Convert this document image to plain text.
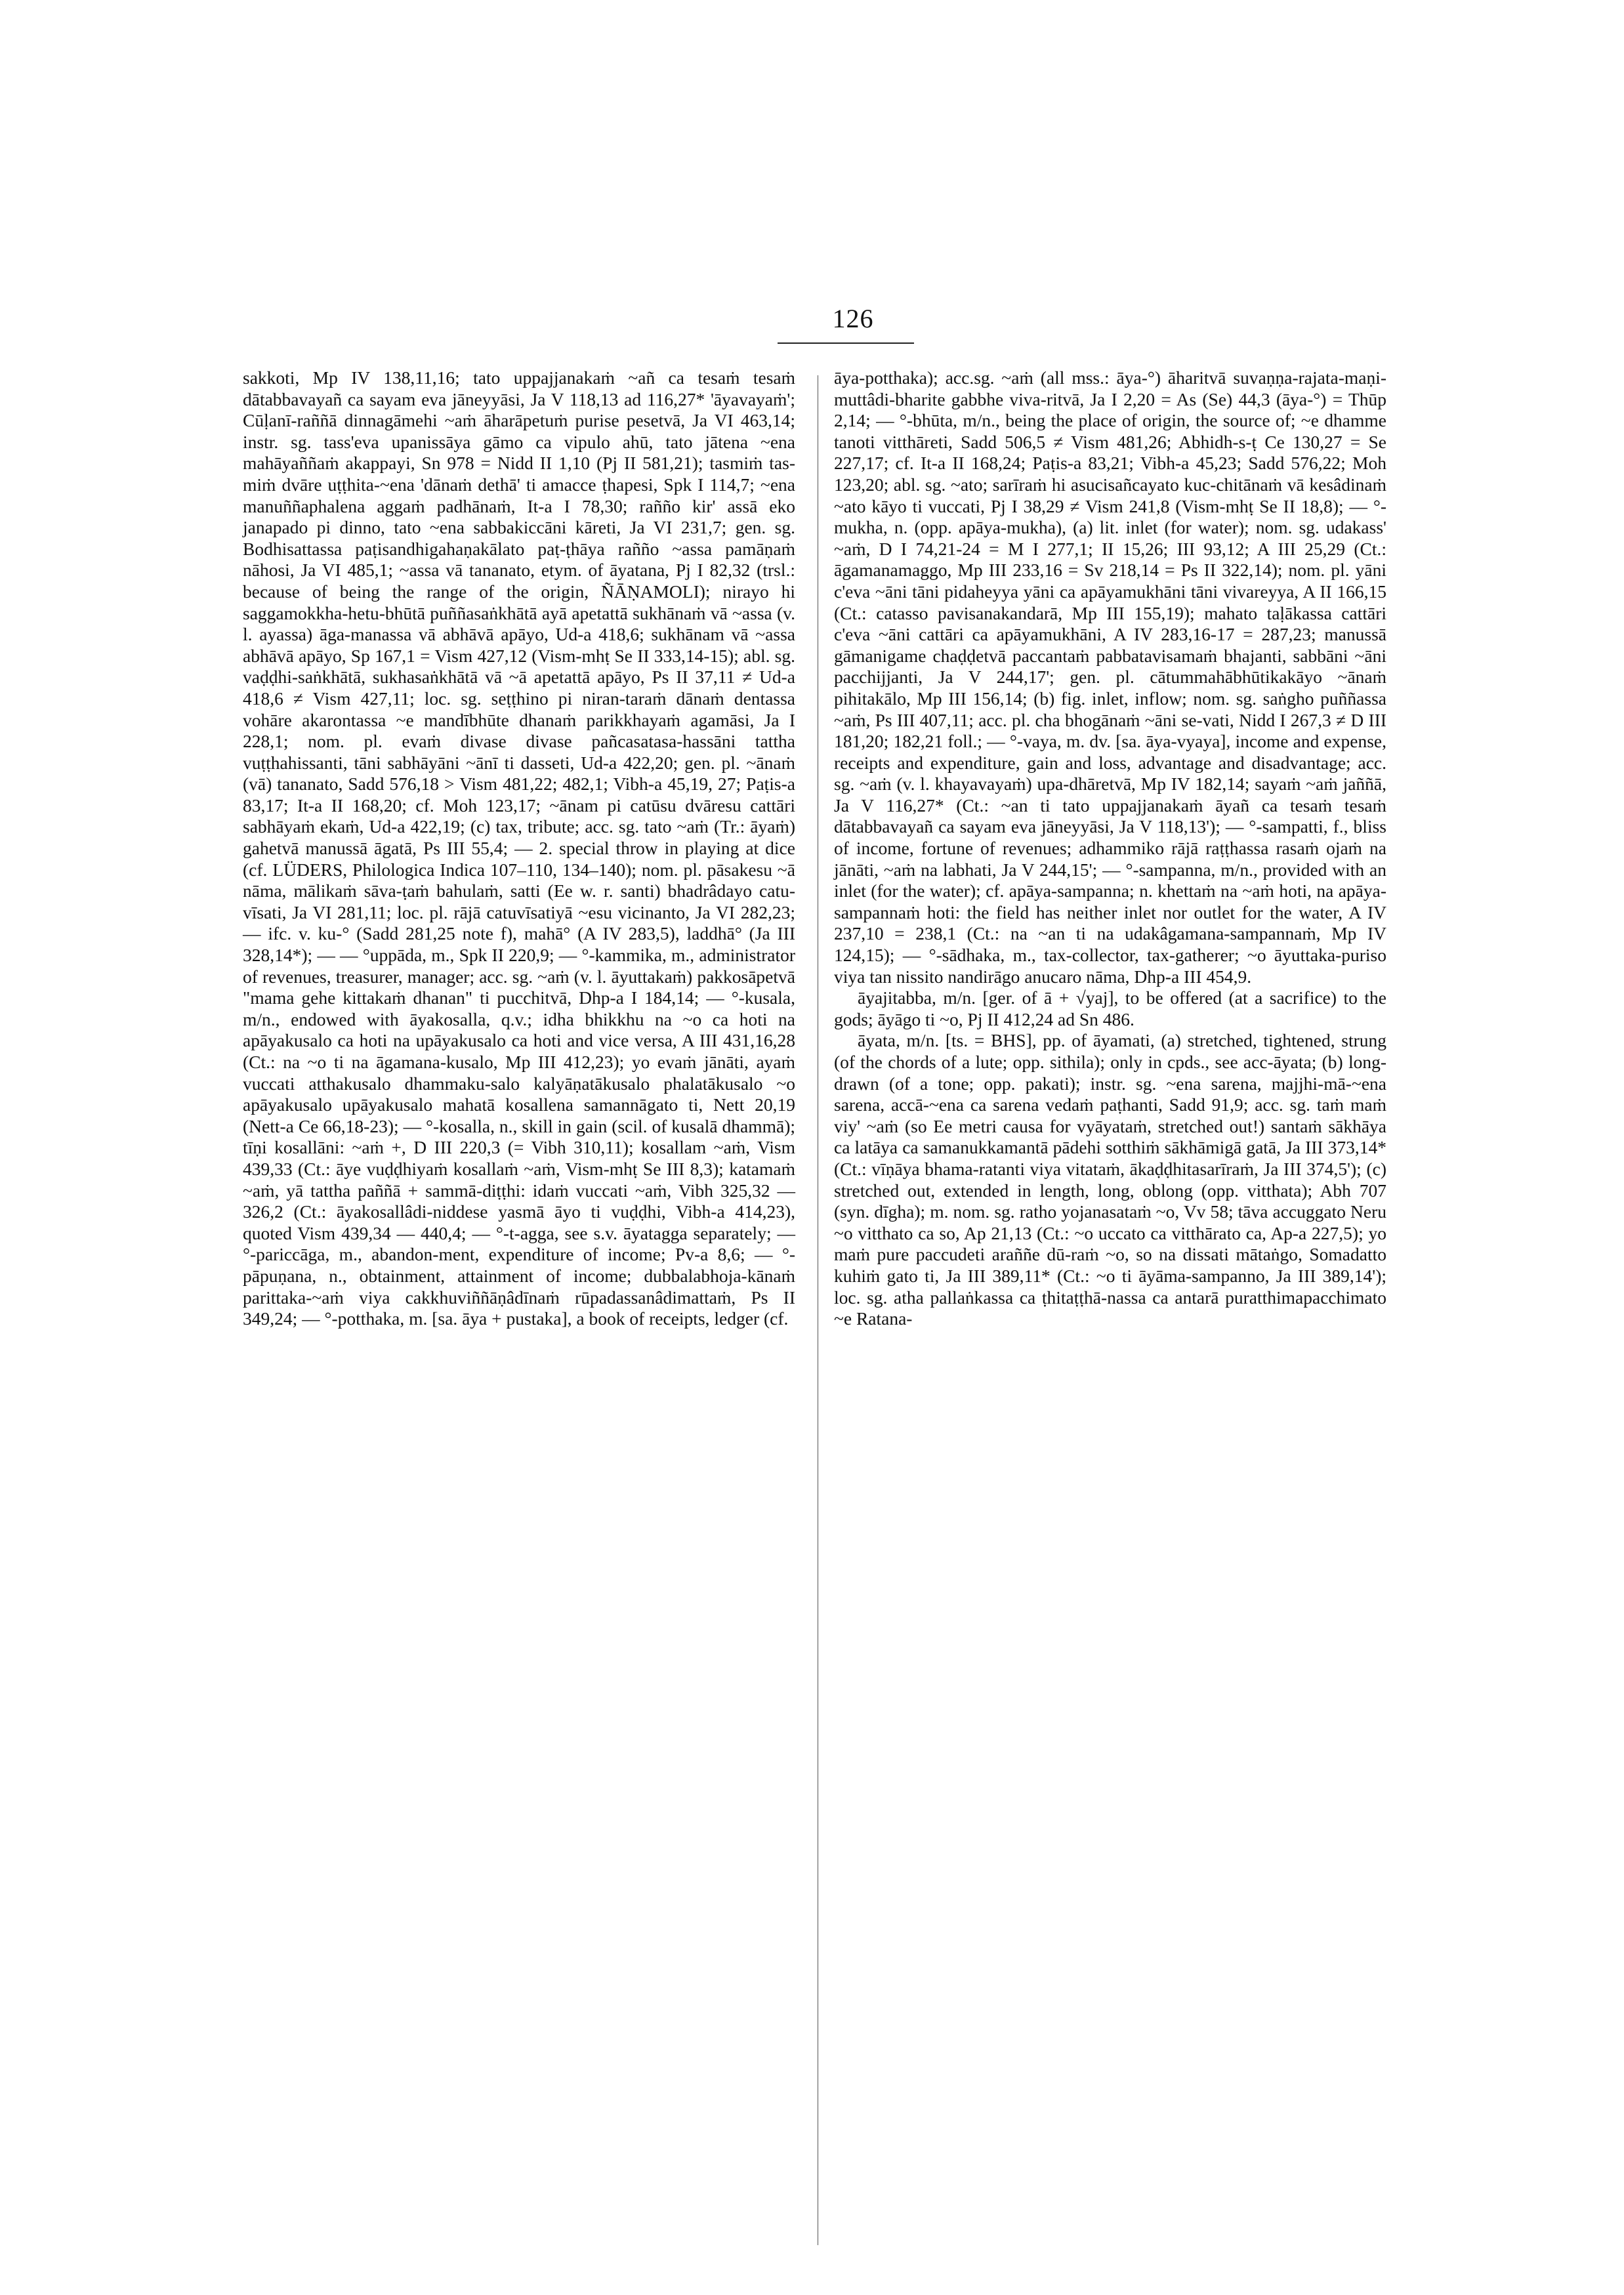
126

sakkoti, Mp IV 138,11,16; tato uppajjanakaṁ ~añ ca tesaṁ tesaṁ dātabbavayañ ca sayam eva jāneyyāsi, Ja V 118,13 ad 116,27* 'āyavayaṁ'; Cūḷanī-raññā dinnagāmehi ~aṁ āharāpetuṁ purise pesetvā, Ja VI 463,14; instr. sg. tass'eva upanissāya gāmo ca vipulo ahū, tato jātena ~ena mahāyaññaṁ akappayi, Sn 978 = Nidd II 1,10 (Pj II 581,21); tasmiṁ tas-miṁ dvāre uṭṭhita-~ena 'dānaṁ dethā' ti amacce ṭhapesi, Spk I 114,7; ~ena manuññaphalena aggaṁ padhānaṁ, It-a I 78,30; rañño kir' assā eko janapado pi dinno, tato ~ena sabbakiccāni kāreti, Ja VI 231,7; gen. sg. Bodhisattassa paṭisandhigahaṇakālato paṭ-ṭhāya rañño ~assa pamāṇaṁ nāhosi, Ja VI 485,1; ~assa vā tananato, etym. of āyatana, Pj I 82,32 (trsl.: because of being the range of the origin, ÑĀṆAMOLI); nirayo hi saggamokkha-hetu-bhūtā puññasaṅkhātā ayā apetattā sukhānaṁ vā ~assa (v. l. ayassa) āga-manassa vā abhāvā apāyo, Ud-a 418,6; sukhānam vā ~assa abhāvā apāyo, Sp 167,1 = Vism 427,12 (Vism-mhṭ Se II 333,14-15); abl. sg. vaḍḍhi-saṅkhātā, sukhasaṅkhātā vā ~ā apetattā apāyo, Ps II 37,11 ≠ Ud-a 418,6 ≠ Vism 427,11; loc. sg. seṭṭhino pi niran-taraṁ dānaṁ dentassa vohāre akarontassa ~e mandībhūte dhanaṁ parikkhayaṁ agamāsi, Ja I 228,1; nom. pl. evaṁ divase divase pañcasatasa-hassāni tattha vuṭṭhahissanti, tāni sabhāyāni ~ānī ti dasseti, Ud-a 422,20; gen. pl. ~ānaṁ (vā) tananato, Sadd 576,18 > Vism 481,22; 482,1; Vibh-a 45,19, 27; Paṭis-a 83,17; It-a II 168,20; cf. Moh 123,17; ~ānam pi catūsu dvāresu cattāri sabhāyaṁ ekaṁ, Ud-a 422,19; (c) tax, tribute; acc. sg. tato ~aṁ (Tr.: āyaṁ) gahetvā manussā āgatā, Ps III 55,4; — 2. special throw in playing at dice (cf. LÜDERS, Philologica Indica 107–110, 134–140); nom. pl. pāsakesu ~ā nāma, mālikaṁ sāva-ṭaṁ bahulaṁ, satti (Ee w. r. santi) bhadrâdayo catu-vīsati, Ja VI 281,11; loc. pl. rājā catuvīsatiyā ~esu vicinanto, Ja VI 282,23; — ifc. v. ku-° (Sadd 281,25 note f), mahā° (A IV 283,5), laddhā° (Ja III 328,14*); — — °uppāda, m., Spk II 220,9; — °-kammika, m., administrator of revenues, treasurer, manager; acc. sg. ~aṁ (v. l. āyuttakaṁ) pakkosāpetvā "mama gehe kittakaṁ dhanan" ti pucchitvā, Dhp-a I 184,14; — °-kusala, m/n., endowed with āyakosalla, q.v.; idha bhikkhu na ~o ca hoti na apāyakusalo ca hoti na upāyakusalo ca hoti and vice versa, A III 431,16,28 (Ct.: na ~o ti na āgamana-kusalo, Mp III 412,23); yo evaṁ jānāti, ayaṁ vuccati atthakusalo dhammaku-salo kalyāṇatākusalo phalatākusalo ~o apāyakusalo upāyakusalo mahatā kosallena samannāgato ti, Nett 20,19 (Nett-a Ce 66,18-23); — °-kosalla, n., skill in gain (scil. of kusalā dhammā); tīṇi kosallāni: ~aṁ +, D III 220,3 (= Vibh 310,11); kosallam ~aṁ, Vism 439,33 (Ct.: āye vuḍḍhiyaṁ kosallaṁ ~aṁ, Vism-mhṭ Se III 8,3); katamaṁ ~aṁ, yā tattha paññā + sammā-diṭṭhi: idaṁ vuccati ~aṁ, Vibh 325,32 — 326,2 (Ct.: āyakosallâdi-niddese yasmā āyo ti vuḍḍhi, Vibh-a 414,23), quoted Vism 439,34 — 440,4; — °-t-agga, see s.v. āyatagga separately; — °-pariccāga, m., abandon-ment, expenditure of income; Pv-a 8,6; — °-pāpuṇana, n., obtainment, attainment of income; dubbalabhoja-kānaṁ parittaka-~aṁ viya cakkhuviññāṇâdīnaṁ rūpadassanâdimattaṁ, Ps II 349,24; — °-potthaka, m. [sa. āya + pustaka], a book of receipts, ledger (cf.

āya-potthaka); acc.sg. ~aṁ (all mss.: āya-°) āharitvā suvaṇṇa-rajata-maṇi-muttâdi-bharite gabbhe viva-ritvā, Ja I 2,20 = As (Se) 44,3 (āya-°) = Thūp 2,14; — °-bhūta, m/n., being the place of origin, the source of; ~e dhamme tanoti vitthāreti, Sadd 506,5 ≠ Vism 481,26; Abhidh-s-ṭ Ce 130,27 = Se 227,17; cf. It-a II 168,24; Paṭis-a 83,21; Vibh-a 45,23; Sadd 576,22; Moh 123,20; abl. sg. ~ato; sarīraṁ hi asucisañcayato kuc-chitānaṁ vā kesâdinaṁ ~ato kāyo ti vuccati, Pj I 38,29 ≠ Vism 241,8 (Vism-mhṭ Se II 18,8); — °-mukha, n. (opp. apāya-mukha), (a) lit. inlet (for water); nom. sg. udakass' ~aṁ, D I 74,21-24 = M I 277,1; II 15,26; III 93,12; A III 25,29 (Ct.: āgamanamaggo, Mp III 233,16 = Sv 218,14 = Ps II 322,14); nom. pl. yāni c'eva ~āni tāni pidaheyya yāni ca apāyamukhāni tāni vivareyya, A II 166,15 (Ct.: catasso pavisanakandarā, Mp III 155,19); mahato taḷākassa cattāri c'eva ~āni cattāri ca apāyamukhāni, A IV 283,16-17 = 287,23; manussā gāmanigame chaḍḍetvā paccantaṁ pabbatavisamaṁ bhajanti, sabbāni ~āni pacchijjanti, Ja V 244,17'; gen. pl. cātummahābhūtikakāyo ~ānaṁ pihitakālo, Mp III 156,14; (b) fig. inlet, inflow; nom. sg. saṅgho puññassa ~aṁ, Ps III 407,11; acc. pl. cha bhogānaṁ ~āni se-vati, Nidd I 267,3 ≠ D III 181,20; 182,21 foll.; — °-vaya, m. dv. [sa. āya-vyaya], income and expense, receipts and expenditure, gain and loss, advantage and disadvantage; acc. sg. ~aṁ (v. l. khayavayaṁ) upa-dhāretvā, Mp IV 182,14; sayaṁ ~aṁ jaññā, Ja V 116,27* (Ct.: ~an ti tato uppajjanakaṁ āyañ ca tesaṁ tesaṁ dātabbavayañ ca sayam eva jāneyyāsi, Ja V 118,13'); — °-sampatti, f., bliss of income, fortune of revenues; adhammiko rājā raṭṭhassa rasaṁ ojaṁ na jānāti, ~aṁ na labhati, Ja V 244,15'; — °-sampanna, m/n., provided with an inlet (for the water); cf. apāya-sampanna; n. khettaṁ na ~aṁ hoti, na apāya-sampannaṁ hoti: the field has neither inlet nor outlet for the water, A IV 237,10 = 238,1 (Ct.: na ~an ti na udakâgamana-sampannaṁ, Mp IV 124,15); — °-sādhaka, m., tax-collector, tax-gatherer; ~o āyuttaka-puriso viya tan nissito nandirāgo anucaro nāma, Dhp-a III 454,9.

āyajitabba, m/n. [ger. of ā + √yaj], to be offered (at a sacrifice) to the gods; āyāgo ti ~o, Pj II 412,24 ad Sn 486.

āyata, m/n. [ts. = BHS], pp. of āyamati, (a) stretched, tightened, strung (of the chords of a lute; opp. sithila); only in cpds., see acc-āyata; (b) long-drawn (of a tone; opp. pakati); instr. sg. ~ena sarena, majjhi-mā-~ena sarena, accā-~ena ca sarena vedaṁ paṭhanti, Sadd 91,9; acc. sg. taṁ maṁ viy' ~aṁ (so Ee metri causa for vyāyataṁ, stretched out!) santaṁ sākhāya ca latāya ca samanukkamantā pādehi sotthiṁ sākhāmigā gatā, Ja III 373,14* (Ct.: vīṇāya bhama-ratanti viya vitataṁ, ākaḍḍhitasarīraṁ, Ja III 374,5'); (c) stretched out, extended in length, long, oblong (opp. vitthata); Abh 707 (syn. dīgha); m. nom. sg. ratho yojanasataṁ ~o, Vv 58; tāva accuggato Neru ~o vitthato ca so, Ap 21,13 (Ct.: ~o uccato ca vitthārato ca, Ap-a 227,5); yo maṁ pure paccudeti araññe dū-raṁ ~o, so na dissati mātaṅgo, Somadatto kuhiṁ gato ti, Ja III 389,11* (Ct.: ~o ti āyāma-sampanno, Ja III 389,14'); loc. sg. atha pallaṅkassa ca ṭhitaṭṭhā-nassa ca antarā puratthimapacchimato ~e Ratana-
